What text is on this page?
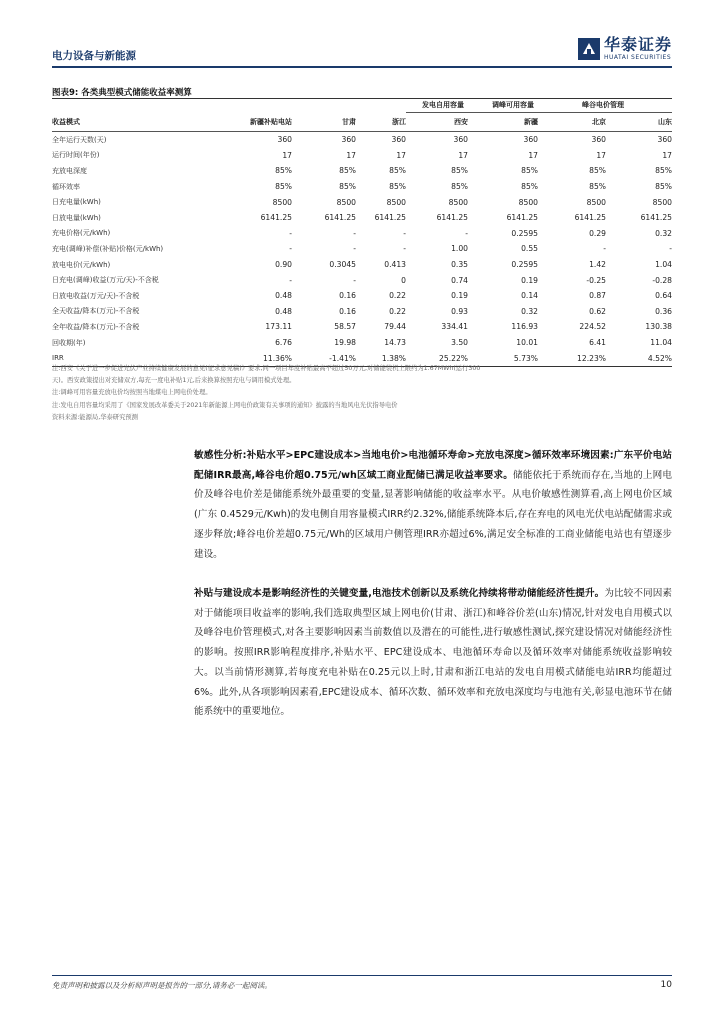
电力设备与新能源
华泰证券
HUATAI SECURITIES
图表9: 各类典型模式储能收益率测算
				发电自用容量	调峰可用容量	峰谷电价管理	
收益模式	新疆补贴电站	甘肃	浙江	西安	新疆	北京	山东
全年运行天数(天)	360	360	360	360	360	360	360
运行时间(年份)	17	17	17	17	17	17	17
充放电深度	85%	85%	85%	85%	85%	85%	85%
循环效率	85%	85%	85%	85%	85%	85%	85%
日充电量(kWh)	8500	8500	8500	8500	8500	8500	8500
日放电量(kWh)	6141.25	6141.25	6141.25	6141.25	6141.25	6141.25	6141.25
充电价格(元/kWh)	-	-	-	-	0.2595	0.29	0.32
充电(调峰)补偿(补贴)价格(元/kWh)	-	-	-	1.00	0.55	-	-
放电电价(元/kWh)	0.90	0.3045	0.413	0.35	0.2595	1.42	1.04
日充电(调峰)收益(万元/天)-不含税	-	-	0	0.74	0.19	-0.25	-0.28
日放电收益(万元/天)-不含税	0.48	0.16	0.22	0.19	0.14	0.87	0.64
全天收益/降本(万元)-不含税	0.48	0.16	0.22	0.93	0.32	0.62	0.36
全年收益/降本(万元)-不含税	173.11	58.57	79.44	334.41	116.93	224.52	130.38
回收期(年)	6.76	19.98	14.73	3.50	10.01	6.41	11.04
IRR	11.36%	-1.41%	1.38%	25.22%	5.73%	12.23%	4.52%
注:西安《关于进一步促进光伏产业持续健康发展的意见(征求意见稿)》要求,同一项目年度补贴最高不超过50万元,对储能装机上限约为1.67MWh(运行300
天)。西安政策提出对充储双方,每充一度电补贴1元,后来换算按照充电与调用模式处理。
注:调峰可用容量充放电价均按照当地煤电上网电价处理。
注:发电自用容量均采用了《国家发展改革委关于2021年新能源上网电价政策有关事项的通知》披露的当地风电光伏指导电价
资料来源:能源局,华泰研究预测
敏感性分析:补贴水平>EPC建设成本>当地电价>电池循环寿命>充放电深度>循环效率环境因素:广东平价电站配储IRR最高,峰谷电价超0.75元/wh区域工商业配储已满足收益率要求。储能依托于系统而存在,当地的上网电价及峰谷电价差是储能系统外最重要的变量,显著影响储能的收益率水平。从电价敏感性测算看,高上网电价区域(广东 0.4529元/Kwh)的发电侧自用容量模式IRR约2.32%,储能系统降本后,存在弃电的风电光伏电站配储需求或逐步释放;峰谷电价差超0.75元/Wh的区域用户侧管理IRR亦超过6%,满足安全标准的工商业储能电站也有望逐步建设。
补贴与建设成本是影响经济性的关键变量,电池技术创新以及系统化持续将带动储能经济性提升。为比较不同因素对于储能项目收益率的影响,我们选取典型区域上网电价(甘肃、浙江)和峰谷价差(山东)情况,针对发电自用模式以及峰谷电价管理模式,对各主要影响因素当前数值以及潜在的可能性,进行敏感性测试,探究建设情况对储能经济性的影响。按照IRR影响程度排序,补贴水平、EPC建设成本、电池循环寿命以及循环效率对储能系统收益影响较大。以当前情形测算,若每度充电补贴在0.25元以上时,甘肃和浙江电站的发电自用模式储能电站IRR均能超过6%。此外,从各项影响因素看,EPC建设成本、循环次数、循环效率和充放电深度均与电池有关,彰显电池环节在储能系统中的重要地位。
免责声明和披露以及分析师声明是报告的一部分,请务必一起阅读。	10
